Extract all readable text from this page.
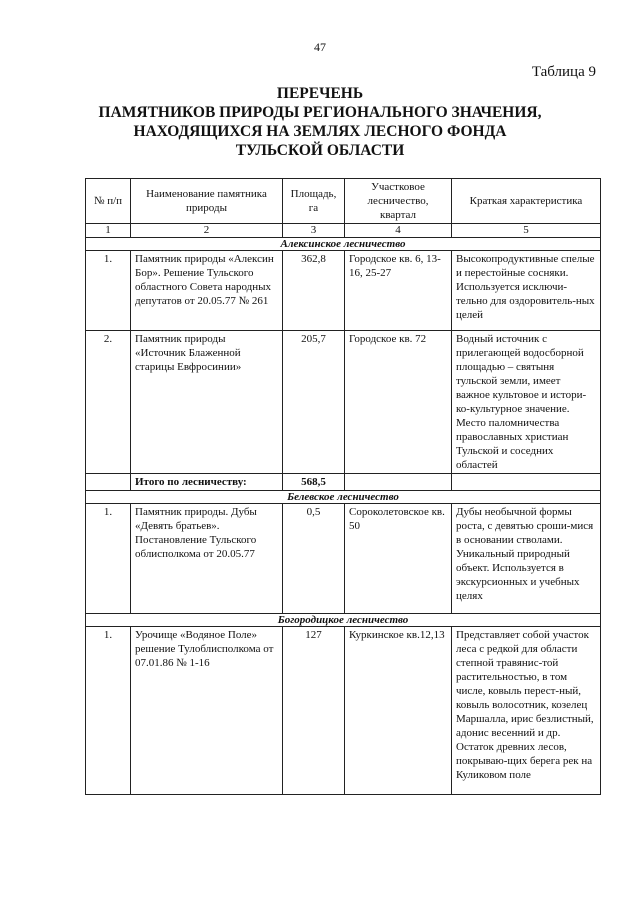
47
Таблица 9
ПЕРЕЧЕНЬ
ПАМЯТНИКОВ ПРИРОДЫ РЕГИОНАЛЬНОГО ЗНАЧЕНИЯ,
НАХОДЯЩИХСЯ НА ЗЕМЛЯХ ЛЕСНОГО ФОНДА
ТУЛЬСКОЙ ОБЛАСТИ
№ п/п	Наименование памятника природы	Площадь, га	Участковое лесничество, квартал	Краткая характеристика
1	2	3	4	5
Алексинское лесничество				
1.	Памятник природы «Алексин Бор». Решение Тульского областного Совета народных депутатов от 20.05.77 № 261	362,8	Городское кв. 6, 13-16, 25-27	Высокопродуктивные спелые и перестойные сосняки. Используется исключи-тельно для оздоровитель-ных целей
2.	Памятник природы «Источник Блаженной старицы Евфросинии»	205,7	Городское кв. 72	Водный источник с прилегающей водосборной площадью – святыня тульской земли, имеет важное культовое и истори-ко-культурное значение. Место паломничества православных христиан Тульской и соседних областей
	Итого по лесничеству:	568,5		
Белевское лесничество				
1.	Памятник природы. Дубы «Девять братьев». Постановление Тульского облисполкома от 20.05.77	0,5	Сороколетовское кв. 50	Дубы необычной формы роста, с девятью сроши-мися в основании стволами. Уникальный природный объект. Используется в экскурсионных и учебных целях
Богородицкое лесничество				
1.	Урочище «Водяное Поле» решение Тулоблисполкома от 07.01.86 № 1-16	127	Куркинское кв.12,13	Представляет собой участок леса с редкой для области степной травянис-той растительностью, в том числе, ковыль перест-ный, ковыль волосотник, козелец Маршалла, ирис безлистный, адонис весенний и др. Остаток древних лесов, покрываю-щих берега рек на Куликовом поле
